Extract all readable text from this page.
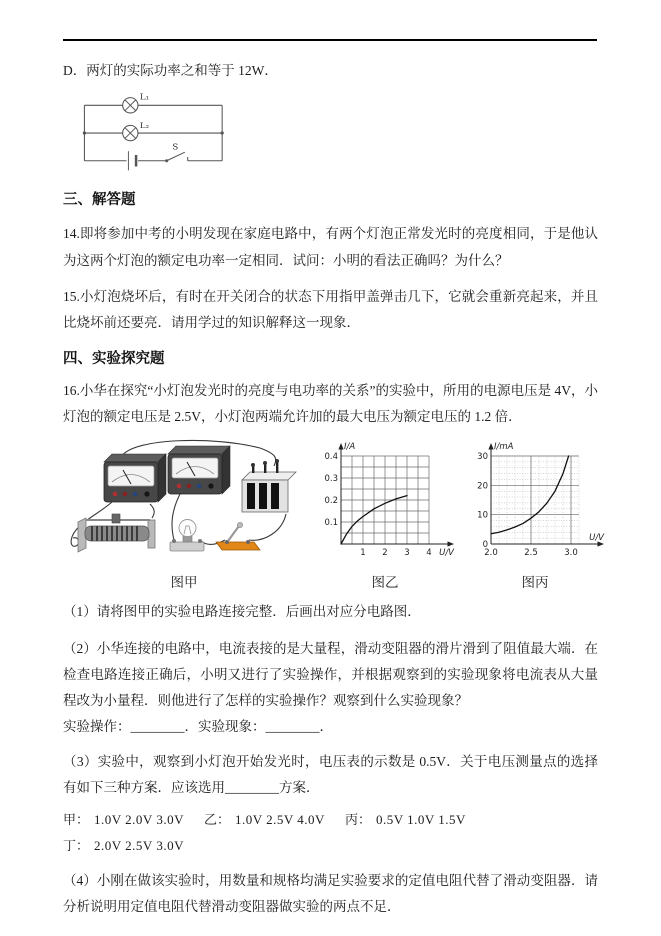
D．两灯的实际功率之和等于 12W．

L₁
L₂
S
三、解答题

14.即将参加中考的小明发现在家庭电路中，有两个灯泡正常发光时的亮度相同，于是他认为这两个灯泡的额定电功率一定相同．试问：小明的看法正确吗？为什么？

15.小灯泡烧坏后，有时在开关闭合的状态下用指甲盖弹击几下，它就会重新亮起来，并且比烧坏前还要亮．请用学过的知识解释这一现象．

四、实验探究题

16.小华在探究“小灯泡发光时的亮度与电功率的关系”的实验中，所用的电源电压是 4V，小灯泡的额定电压是 2.5V，小灯泡两端允许加的最大电压为额定电压的 1.2 倍．

图甲
1 2 3 4
0.1
0.2
0.3
0.4
I/A
U/V
图乙
2.0	2.5	3.0
0
10
20
30
I/mA
U/V
图丙

（1）请将图甲的实验电路连接完整．后画出对应分电路图．

（2）小华连接的电路中，电流表接的是大量程，滑动变阻器的滑片滑到了阻值最大端．在检查电路连接正确后，小明又进行了实验操作，并根据观察到的实验现象将电流表从大量程改为小量程．则他进行了怎样的实验操作？观察到什么实验现象？

实验操作：________．实验现象：________．

（3）实验中，观察到小灯泡开始发光时，电压表的示数是 0.5V．关于电压测量点的选择有如下三种方案．应该选用________方案．

甲： 1.0V 2.0V 3.0V 乙： 1.0V 2.5V 4.0V 丙： 0.5V 1.0V 1.5V
丁： 2.0V 2.5V 3.0V

（4）小刚在做该实验时，用数量和规格均满足实验要求的定值电阻代替了滑动变阻器．请分析说明用定值电阻代替滑动变阻器做实验的两点不足．
